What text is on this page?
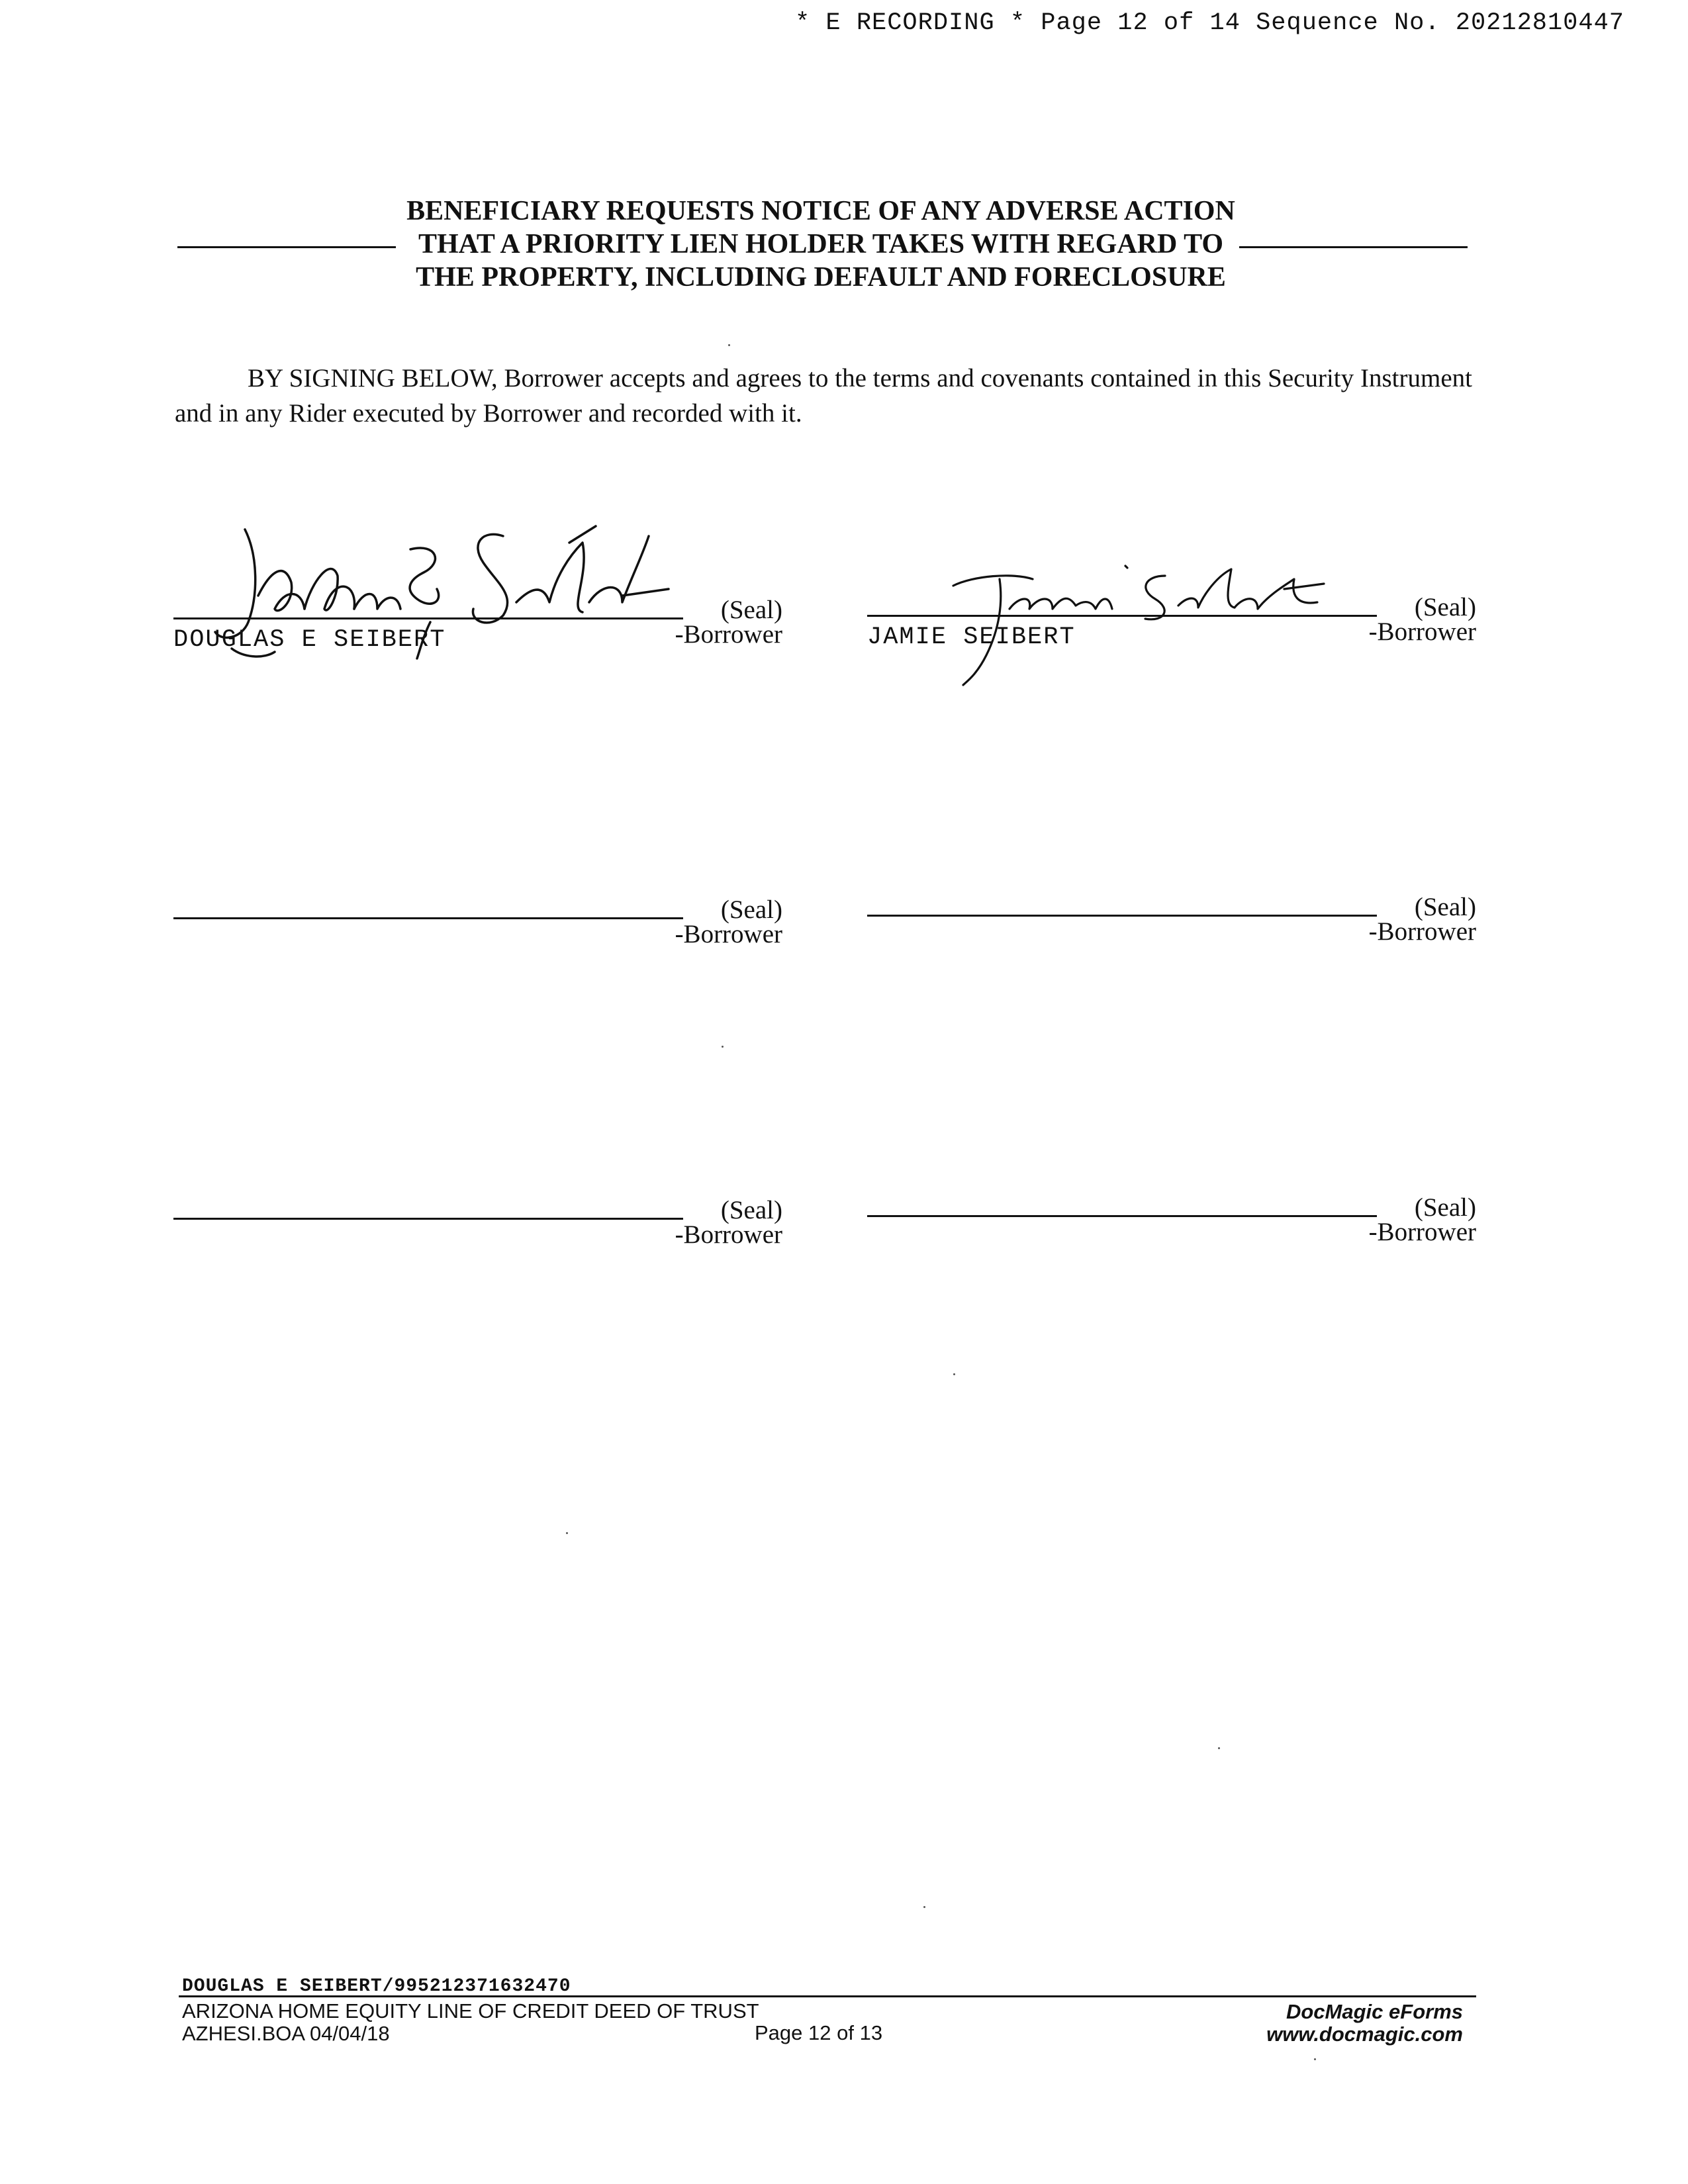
* E RECORDING * Page 12 of 14 Sequence No. 20212810447
BENEFICIARY REQUESTS NOTICE OF ANY ADVERSE ACTION
THAT A PRIORITY LIEN HOLDER TAKES WITH REGARD TO
THE PROPERTY, INCLUDING DEFAULT AND FORECLOSURE
BY SIGNING BELOW, Borrower accepts and agrees to the terms and covenants contained in this Security Instrument and in any Rider executed by Borrower and recorded with it.
(Seal)
-Borrower
DOUGLAS E SEIBERT
(Seal)
-Borrower
JAMIE SEIBERT
(Seal)
-Borrower
(Seal)
-Borrower
(Seal)
-Borrower
(Seal)
-Borrower
DOUGLAS E SEIBERT/995212371632470
ARIZONA HOME EQUITY LINE OF CREDIT DEED OF TRUST
AZHESI.BOA 04/04/18	Page 12 of 13
DocMagic eForms
www.docmagic.com
